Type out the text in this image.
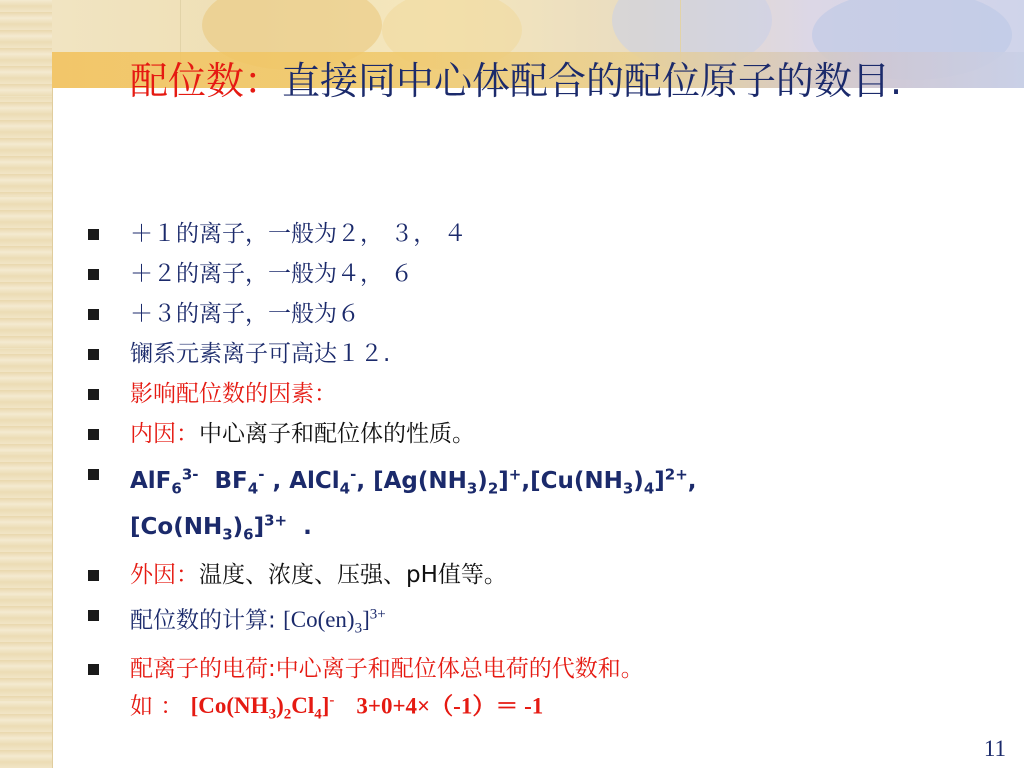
配位数：直接同中心体配合的配位原子的数目.
＋１的离子，一般为２， ３， ４
＋２的离子，一般为４， ６
＋３的离子，一般为６
镧系元素离子可高达１２.
影响配位数的因素：
内因：中心离子和配位体的性质。
AlF$_6^{3-}$  $BF_4^-$ , AlCl$_4$-, $[Ag(NH_3)_2]^+,[Cu(NH_3)_4]^{2+}$,
$[Co(NH_3)_6]^{3+}$  .
外因：温度、浓度、压强、pH值等。
配位数的计算: $[Co(en)_3]^{3+}$
配离子的电荷:中心离子和配位体总电荷的代数和。
如 ： $[Co(NH_3)_2Cl_4]^-$ 3+0+4×（-1）＝ -1
11
